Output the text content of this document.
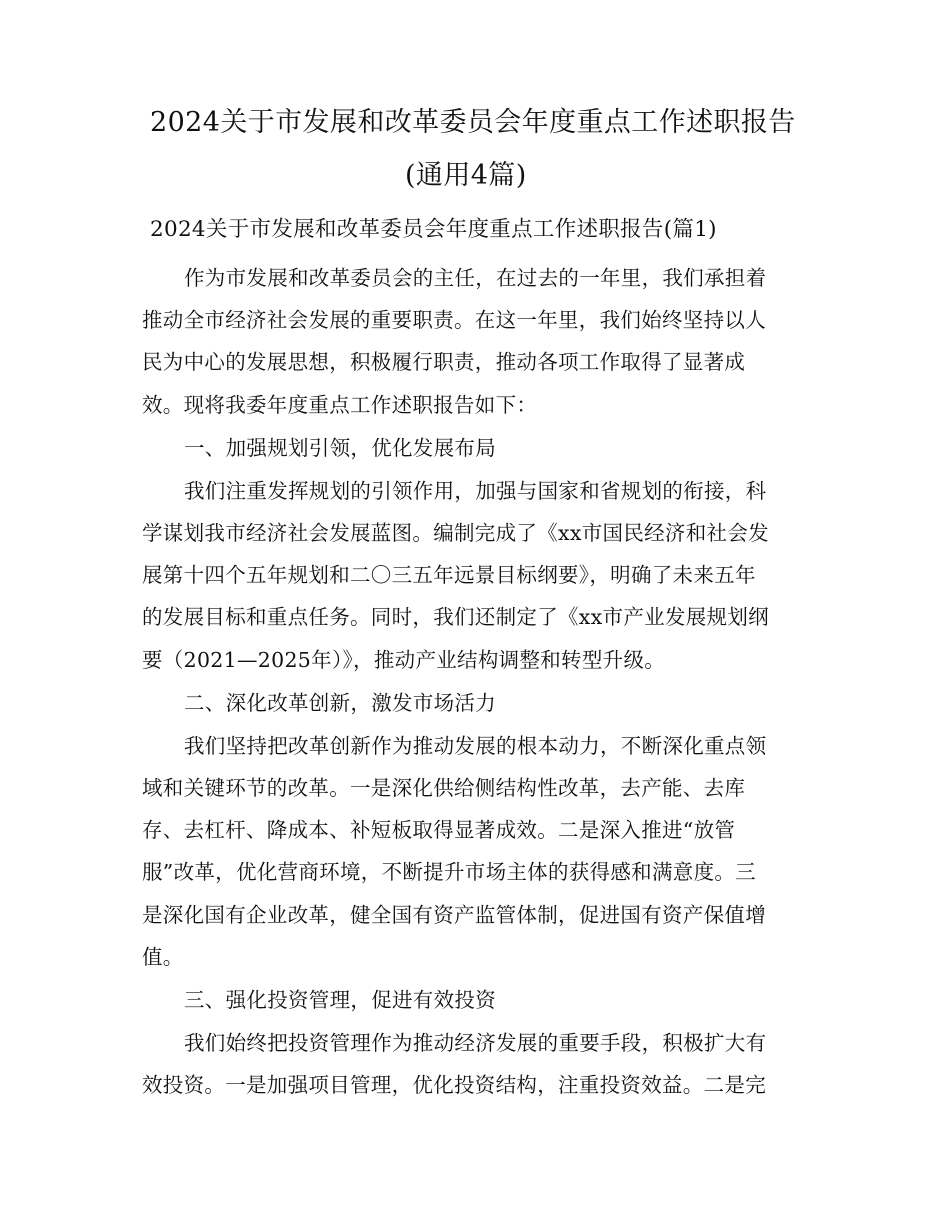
2024关于市发展和改革委员会年度重点工作述职报告
(通用4篇)
2024关于市发展和改革委员会年度重点工作述职报告(篇1)
作为市发展和改革委员会的主任，在过去的一年里，我们承担着
推动全市经济社会发展的重要职责。在这一年里，我们始终坚持以人
民为中心的发展思想，积极履行职责，推动各项工作取得了显著成
效。现将我委年度重点工作述职报告如下：
一、加强规划引领，优化发展布局
我们注重发挥规划的引领作用，加强与国家和省规划的衔接，科
学谋划我市经济社会发展蓝图。编制完成了《xx市国民经济和社会发
展第十四个五年规划和二〇三五年远景目标纲要》，明确了未来五年
的发展目标和重点任务。同时，我们还制定了《xx市产业发展规划纲
要（2021—2025年）》，推动产业结构调整和转型升级。
二、深化改革创新，激发市场活力
我们坚持把改革创新作为推动发展的根本动力，不断深化重点领
域和关键环节的改革。一是深化供给侧结构性改革，去产能、去库
存、去杠杆、降成本、补短板取得显著成效。二是深入推进“放管
服”改革，优化营商环境，不断提升市场主体的获得感和满意度。三
是深化国有企业改革，健全国有资产监管体制，促进国有资产保值增
值。
三、强化投资管理，促进有效投资
我们始终把投资管理作为推动经济发展的重要手段，积极扩大有
效投资。一是加强项目管理，优化投资结构，注重投资效益。二是完
